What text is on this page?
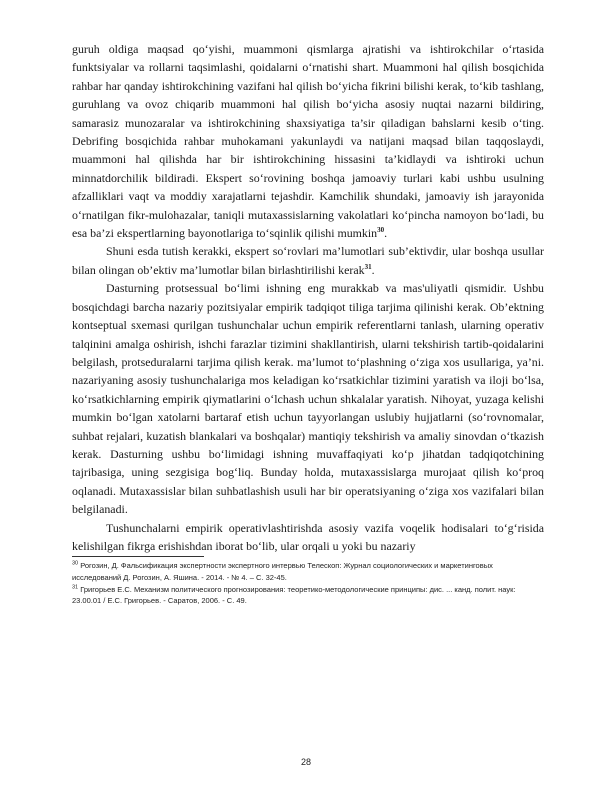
guruh oldiga maqsad qo‘yishi, muammoni qismlarga ajratishi va ishtirokchilar o‘rtasida funktsiyalar va rollarni taqsimlashi, qoidalarni o‘rnatishi shart. Muammoni hal qilish bosqichida rahbar har qanday ishtirokchining vazifani hal qilish bo‘yicha fikrini bilishi kerak, to‘kib tashlang, guruhlang va ovoz chiqarib muammoni hal qilish bo‘yicha asosiy nuqtai nazarni bildiring, samarasiz munozaralar va ishtirokchining shaxsiyatiga ta’sir qiladigan bahslarni kesib o‘ting. Debrifing bosqichida rahbar muhokamani yakunlaydi va natijani maqsad bilan taqqoslaydi, muammoni hal qilishda har bir ishtirokchining hissasini ta’kidlaydi va ishtiroki uchun minnatdorchilik bildiradi. Ekspert so‘rovining boshqa jamoaviy turlari kabi ushbu usulning afzalliklari vaqt va moddiy xarajatlarni tejashdir. Kamchilik shundaki, jamoaviy ish jarayonida o‘rnatilgan fikr-mulohazalar, taniqli mutaxassislarning vakolatlari ko‘pincha namoyon bo‘ladi, bu esa ba’zi ekspertlarning bayonotlariga to‘sqinlik qilishi mumkin$^{30}$.

Shuni esda tutish kerakki, ekspert so‘rovlari ma’lumotlari sub’ektivdir, ular boshqa usullar bilan olingan ob’ektiv ma’lumotlar bilan birlashtirilishi kerak$^{31}$.

Dasturning protsessual bo‘limi ishning eng murakkab va mas'uliyatli qismidir. Ushbu bosqichdagi barcha nazariy pozitsiyalar empirik tadqiqot tiliga tarjima qilinishi kerak. Ob’ektning kontseptual sxemasi qurilgan tushunchalar uchun empirik referentlarni tanlash, ularning operativ talqinini amalga oshirish, ishchi farazlar tizimini shakllantirish, ularni tekshirish tartib-qoidalarini belgilash, protseduralarni tarjima qilish kerak. ma’lumot to‘plashning o‘ziga xos usullariga, ya’ni. nazariyaning asosiy tushunchalariga mos keladigan ko‘rsatkichlar tizimini yaratish va iloji bo‘lsa, ko‘rsatkichlarning empirik qiymatlarini o‘lchash uchun shkalalar yaratish. Nihoyat, yuzaga kelishi mumkin bo‘lgan xatolarni bartaraf etish uchun tayyorlangan uslubiy hujjatlarni (so‘rovnomalar, suhbat rejalari, kuzatish blankalari va boshqalar) mantiqiy tekshirish va amaliy sinovdan o‘tkazish kerak. Dasturning ushbu bo‘limidagi ishning muvaffaqiyati ko‘p jihatdan tadqiqotchining tajribasiga, uning sezgisiga bog‘liq. Bunday holda, mutaxassislarga murojaat qilish ko‘proq oqlanadi. Mutaxassislar bilan suhbatlashish usuli har bir operatsiyaning o‘ziga xos vazifalari bilan belgilanadi.

Tushunchalarni empirik operativlashtirishda asosiy vazifa voqelik hodisalari to‘g‘risida kelishilgan fikrga erishishdan iborat bo‘lib, ular orqali u yoki bu nazariy

$^{30}$ Рогозин, Д. Фальсификация экспертности экспертного интервью Телескоп: Журнал социологических и маркетинговых исследований Д. Рогозин, А. Яшина. - 2014. - № 4. – С. 32-45.

$^{31}$ Григорьев Е.С. Механизм политического прогнозирования: теоретико-методологические принципы: дис. ... канд. полит. наук: 23.00.01 / Е.С. Григорьев. - Саратов, 2006. - С. 49.

28
